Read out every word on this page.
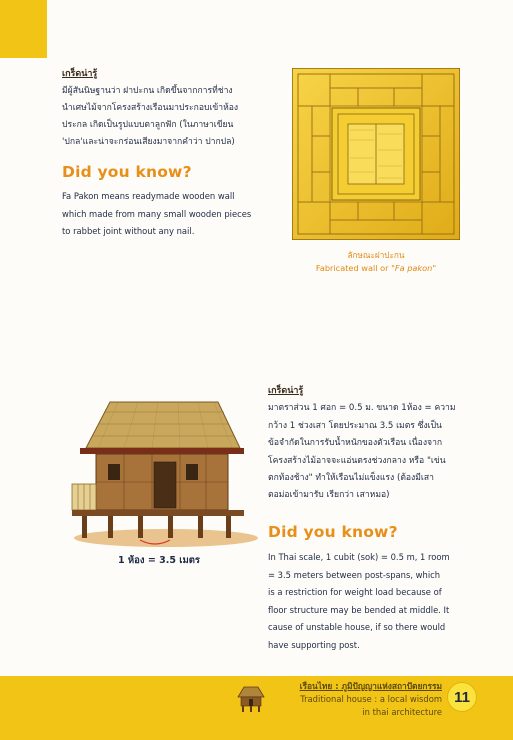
เกร็ดน่ารู้
มีผู้สันนิษฐานว่า ฝาปะกน เกิดขึ้นจากการที่ช่าง
นำเศษไม้จากโครงสร้างเรือนมาประกอบเข้าห้อง
ประกล เกิดเป็นรูปแบบตาลูกฟัก (ในภาษาเขียน
'ปกล'และน่าจะกร่อนเสียงมาจากคำว่า ปากปล)
Did you know?
Fa Pakon means readymade wooden wall
which made from many small wooden pieces
to rabbet joint without any nail.
ลักษณะฝาปะกน
Fabricated wall or "Fa pakon"
เกร็ดน่ารู้
มาตราส่วน 1 ศอก = 0.5 ม. ขนาด 1ห้อง = ความ
กว้าง 1 ช่วงเสา โดยประมาณ 3.5 เมตร ซึ่งเป็น
ข้อจำกัดในการรับน้ำหนักของตัวเรือน เนื่องจาก
โครงสร้างไม้อาจจะแอ่นตรงช่วงกลาง หรือ "เข่น
ตกท้องช้าง" ทำให้เรือนไม่แข็งแรง (ต้องมีเสา
ตอม่อเข้ามารับ เรียกว่า เสาหมอ)
Did you know?
In Thai scale, 1 cubit (sok) = 0.5 m, 1 room
= 3.5 meters between post-spans, which
is a restriction for weight load because of
floor structure may be bended at middle. It
cause of unstable house, if so there would
have supporting post.
1 ห้อง = 3.5 เมตร
เรือนไทย : ภูมิปัญญาแห่งสถาปัตยกรรม
Traditional house : a local wisdom
in thai architecture
11
